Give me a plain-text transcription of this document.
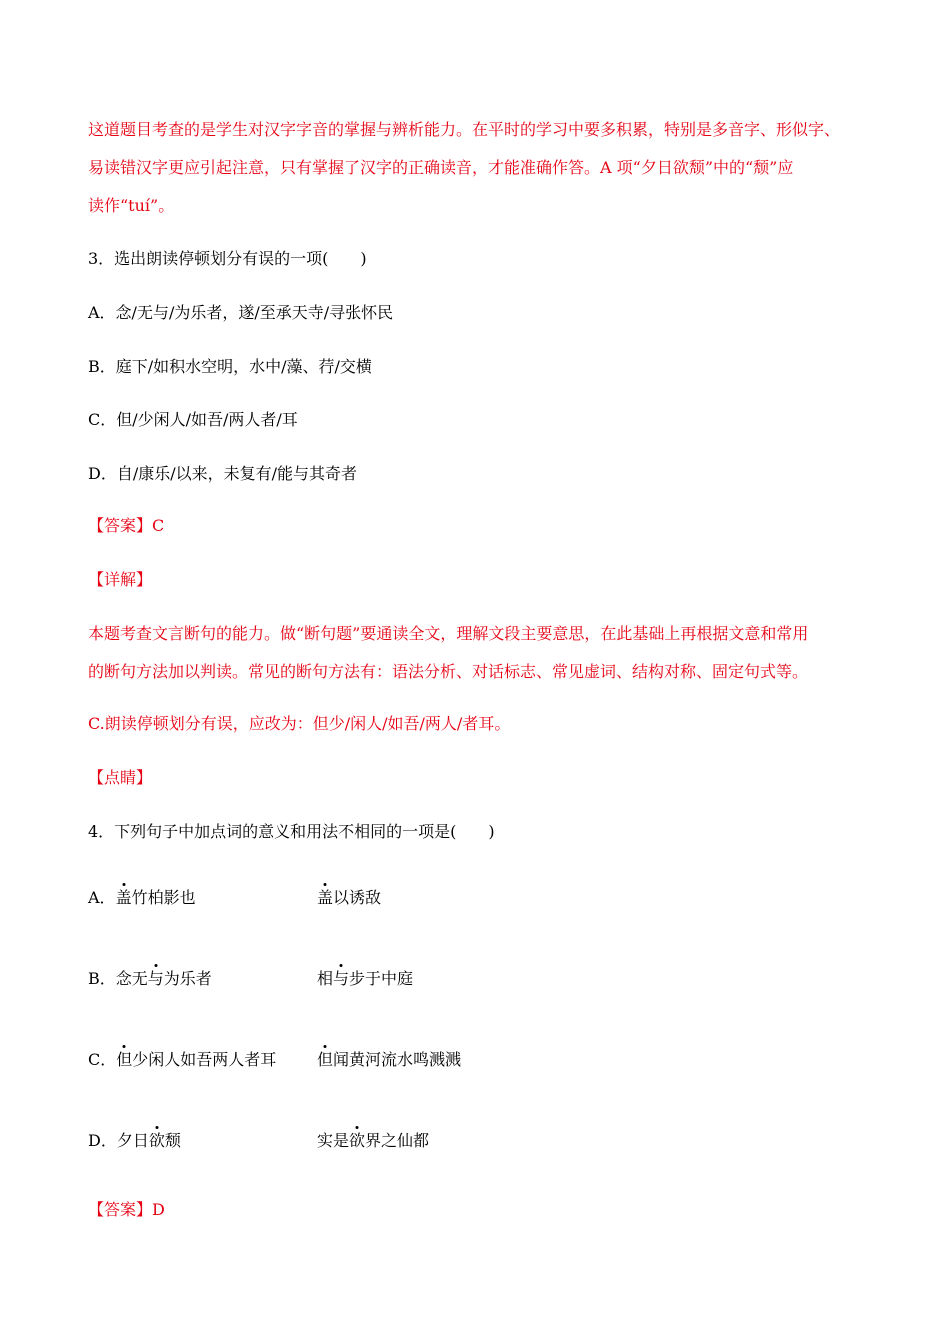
这道题目考查的是学生对汉字字音的掌握与辨析能力。在平时的学习中要多积累，特别是多音字、形似字、
易读错汉字更应引起注意，只有掌握了汉字的正确读音，才能准确作答。A 项“夕日欲颓”中的“颓”应
读作“tuí”。
3．选出朗读停顿划分有误的一项(　　)
A．念/无与/为乐者，遂/至承天寺/寻张怀民
B．庭下/如积水空明，水中/藻、荇/交横
C．但/少闲人/如吾/两人者/耳
D．自/康乐/以来，未复有/能与其奇者
【答案】C
【详解】
本题考查文言断句的能力。做“断句题”要通读全文，理解文段主要意思，在此基础上再根据文意和常用
的断句方法加以判读。常见的断句方法有：语法分析、对话标志、常见虚词、结构对称、固定句式等。
C.朗读停顿划分有误，应改为：但少/闲人/如吾/两人/者耳。
【点睛】
4．下列句子中加点词的意义和用法不相同的一项是(　　)
A．盖竹柏影也	盖以诱敌
B．念无与为乐者	相与步于中庭
C．但少闲人如吾两人者耳	但闻黄河流水鸣溅溅
D．夕日欲颓	实是欲界之仙都
【答案】D
